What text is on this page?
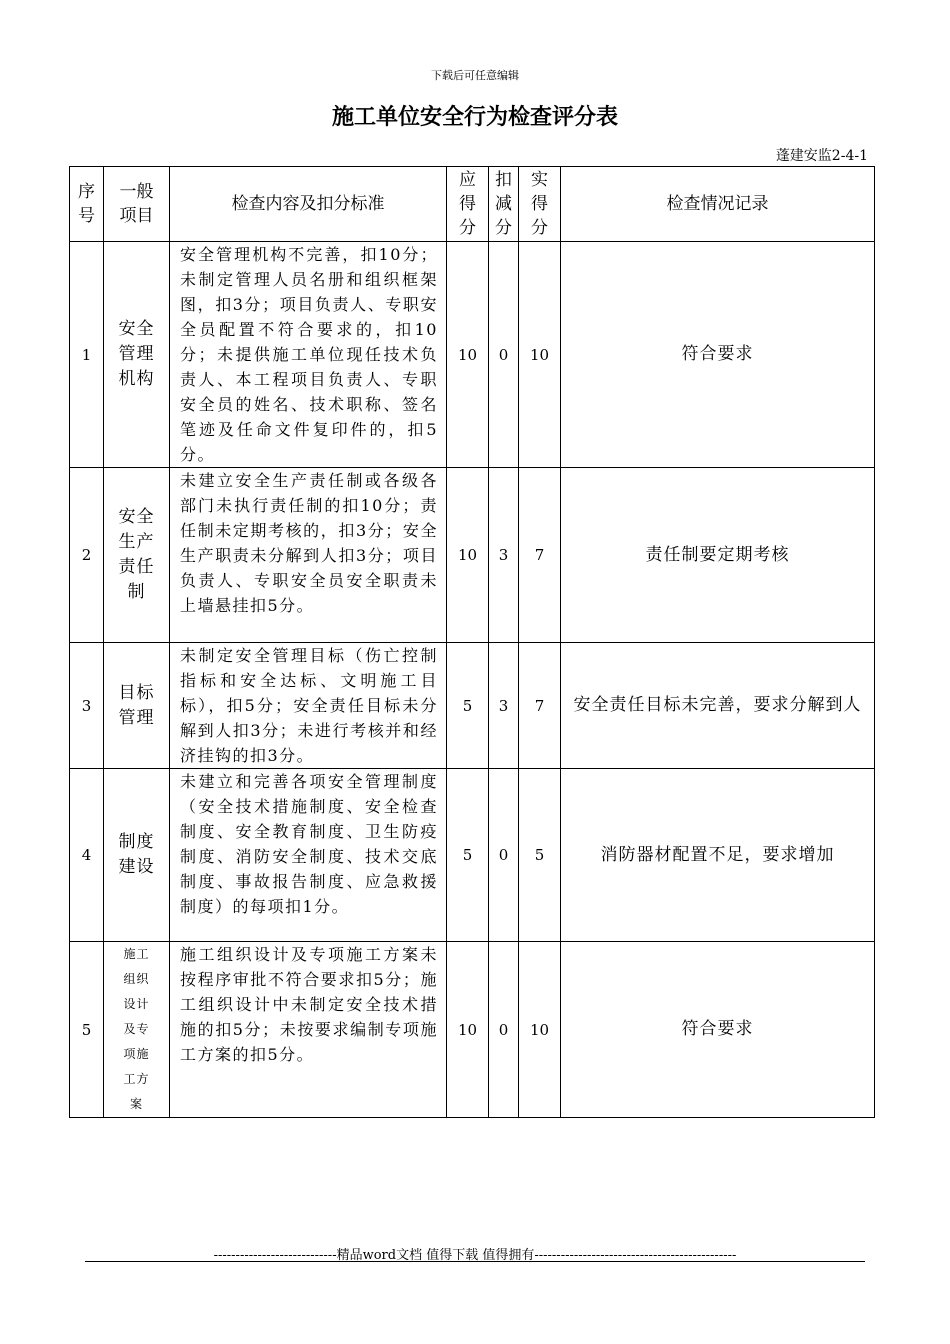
下载后可任意编辑
施工单位安全行为检查评分表
蓬建安监2-4-1
序号	一般项目	检查内容及扣分标准	应得分	扣减分	实得分	检查情况记录
1	安全管理机构	安全管理机构不完善，扣10分；未制定管理人员名册和组织框架图，扣3分；项目负责人、专职安全员配置不符合要求的，扣10分；未提供施工单位现任技术负责人、本工程项目负责人、专职安全员的姓名、技术职称、签名笔迹及任命文件复印件的，扣5分。	10	0	10	符合要求
2	安全生产责任制	未建立安全生产责任制或各级各部门未执行责任制的扣10分；责任制未定期考核的，扣3分；安全生产职责未分解到人扣3分；项目负责人、专职安全员安全职责未上墙悬挂扣5分。	10	3	7	责任制要定期考核
3	目标管理	未制定安全管理目标（伤亡控制指标和安全达标、文明施工目标），扣5分；安全责任目标未分解到人扣3分；未进行考核并和经济挂钩的扣3分。	5	3	7	安全责任目标未完善，要求分解到人
4	制度建设	未建立和完善各项安全管理制度（安全技术措施制度、安全检查制度、安全教育制度、卫生防疫制度、消防安全制度、技术交底制度、事故报告制度、应急救援制度）的每项扣1分。	5	0	5	消防器材配置不足，要求增加
5	施工组织设计及专项施工方案	施工组织设计及专项施工方案未按程序审批不符合要求扣5分；施工组织设计中未制定安全技术措施的扣5分；未按要求编制专项施工方案的扣5分。	10	0	10	符合要求
----------------------------精品word文档 值得下载 值得拥有----------------------------------------------
